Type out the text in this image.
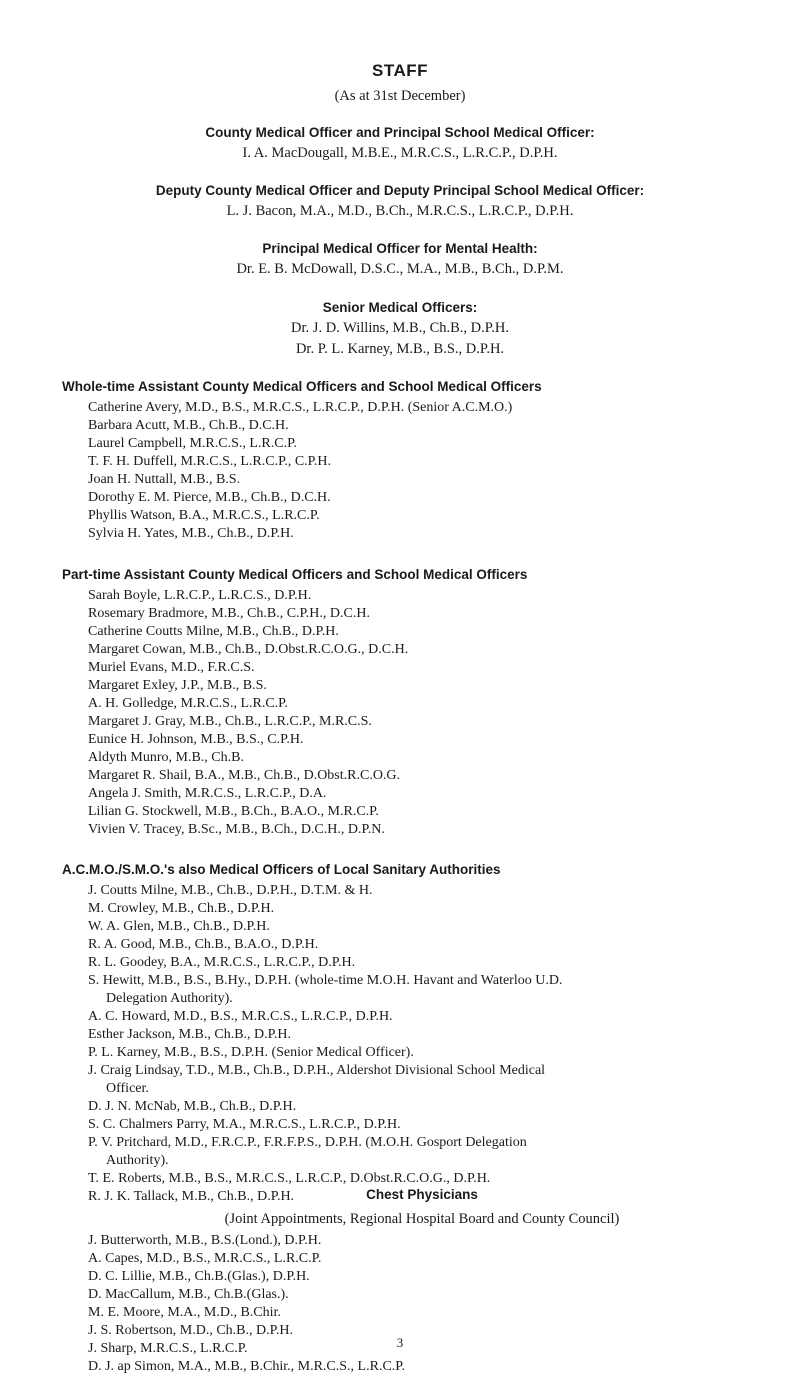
STAFF
(As at 31st December)
County Medical Officer and Principal School Medical Officer:
I. A. MacDougall, M.B.E., M.R.C.S., L.R.C.P., D.P.H.
Deputy County Medical Officer and Deputy Principal School Medical Officer:
L. J. Bacon, M.A., M.D., B.Ch., M.R.C.S., L.R.C.P., D.P.H.
Principal Medical Officer for Mental Health:
Dr. E. B. McDowall, D.S.C., M.A., M.B., B.Ch., D.P.M.
Senior Medical Officers:
Dr. J. D. Willins, M.B., Ch.B., D.P.H.
Dr. P. L. Karney, M.B., B.S., D.P.H.
Whole-time Assistant County Medical Officers and School Medical Officers
Catherine Avery, M.D., B.S., M.R.C.S., L.R.C.P., D.P.H. (Senior A.C.M.O.)
Barbara Acutt, M.B., Ch.B., D.C.H.
Laurel Campbell, M.R.C.S., L.R.C.P.
T. F. H. Duffell, M.R.C.S., L.R.C.P., C.P.H.
Joan H. Nuttall, M.B., B.S.
Dorothy E. M. Pierce, M.B., Ch.B., D.C.H.
Phyllis Watson, B.A., M.R.C.S., L.R.C.P.
Sylvia H. Yates, M.B., Ch.B., D.P.H.
Part-time Assistant County Medical Officers and School Medical Officers
Sarah Boyle, L.R.C.P., L.R.C.S., D.P.H.
Rosemary Bradmore, M.B., Ch.B., C.P.H., D.C.H.
Catherine Coutts Milne, M.B., Ch.B., D.P.H.
Margaret Cowan, M.B., Ch.B., D.Obst.R.C.O.G., D.C.H.
Muriel Evans, M.D., F.R.C.S.
Margaret Exley, J.P., M.B., B.S.
A. H. Golledge, M.R.C.S., L.R.C.P.
Margaret J. Gray, M.B., Ch.B., L.R.C.P., M.R.C.S.
Eunice H. Johnson, M.B., B.S., C.P.H.
Aldyth Munro, M.B., Ch.B.
Margaret R. Shail, B.A., M.B., Ch.B., D.Obst.R.C.O.G.
Angela J. Smith, M.R.C.S., L.R.C.P., D.A.
Lilian G. Stockwell, M.B., B.Ch., B.A.O., M.R.C.P.
Vivien V. Tracey, B.Sc., M.B., B.Ch., D.C.H., D.P.N.
A.C.M.O./S.M.O.'s also Medical Officers of Local Sanitary Authorities
J. Coutts Milne, M.B., Ch.B., D.P.H., D.T.M. & H.
M. Crowley, M.B., Ch.B., D.P.H.
W. A. Glen, M.B., Ch.B., D.P.H.
R. A. Good, M.B., Ch.B., B.A.O., D.P.H.
R. L. Goodey, B.A., M.R.C.S., L.R.C.P., D.P.H.
S. Hewitt, M.B., B.S., B.Hy., D.P.H. (whole-time M.O.H. Havant and Waterloo U.D.
Delegation Authority).
A. C. Howard, M.D., B.S., M.R.C.S., L.R.C.P., D.P.H.
Esther Jackson, M.B., Ch.B., D.P.H.
P. L. Karney, M.B., B.S., D.P.H. (Senior Medical Officer).
J. Craig Lindsay, T.D., M.B., Ch.B., D.P.H., Aldershot Divisional School Medical
Officer.
D. J. N. McNab, M.B., Ch.B., D.P.H.
S. C. Chalmers Parry, M.A., M.R.C.S., L.R.C.P., D.P.H.
P. V. Pritchard, M.D., F.R.C.P., F.R.F.P.S., D.P.H. (M.O.H. Gosport Delegation
Authority).
T. E. Roberts, M.B., B.S., M.R.C.S., L.R.C.P., D.Obst.R.C.O.G., D.P.H.
R. J. K. Tallack, M.B., Ch.B., D.P.H.	Chest Physicians
(Joint Appointments, Regional Hospital Board and County Council)
J. Butterworth, M.B., B.S.(Lond.), D.P.H.
A. Capes, M.D., B.S., M.R.C.S., L.R.C.P.
D. C. Lillie, M.B., Ch.B.(Glas.), D.P.H.
D. MacCallum, M.B., Ch.B.(Glas.).
M. E. Moore, M.A., M.D., B.Chir.
J. S. Robertson, M.D., Ch.B., D.P.H.
J. Sharp, M.R.C.S., L.R.C.P.
D. J. ap Simon, M.A., M.B., B.Chir., M.R.C.S., L.R.C.P.
3
